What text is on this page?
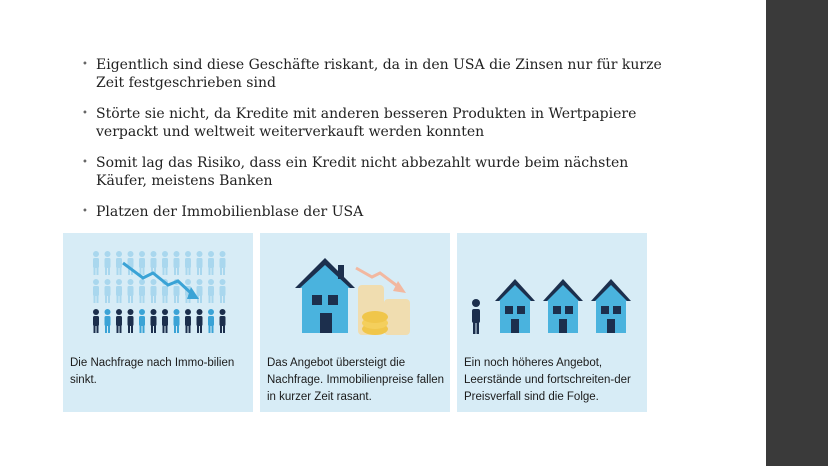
• Eigentlich sind diese Geschäfte riskant, da in den USA die Zinsen nur für kurze Zeit festgeschrieben sind
• Störte sie nicht, da Kredite mit anderen besseren Produkten in Wertpapiere verpackt und weltweit weiterverkauft werden konnten
• Somit lag das Risiko, dass ein Kredit nicht abbezahlt wurde beim nächsten Käufer, meistens Banken
• Platzen der Immobilienblase der USA
Die Nachfrage nach Immo-bilien sinkt.
Das Angebot übersteigt die Nachfrage. Immobilienpreise fallen in kurzer Zeit rasant.
Ein noch höheres Angebot, Leerstände und fortschreiten-der Preisverfall sind die Folge.
